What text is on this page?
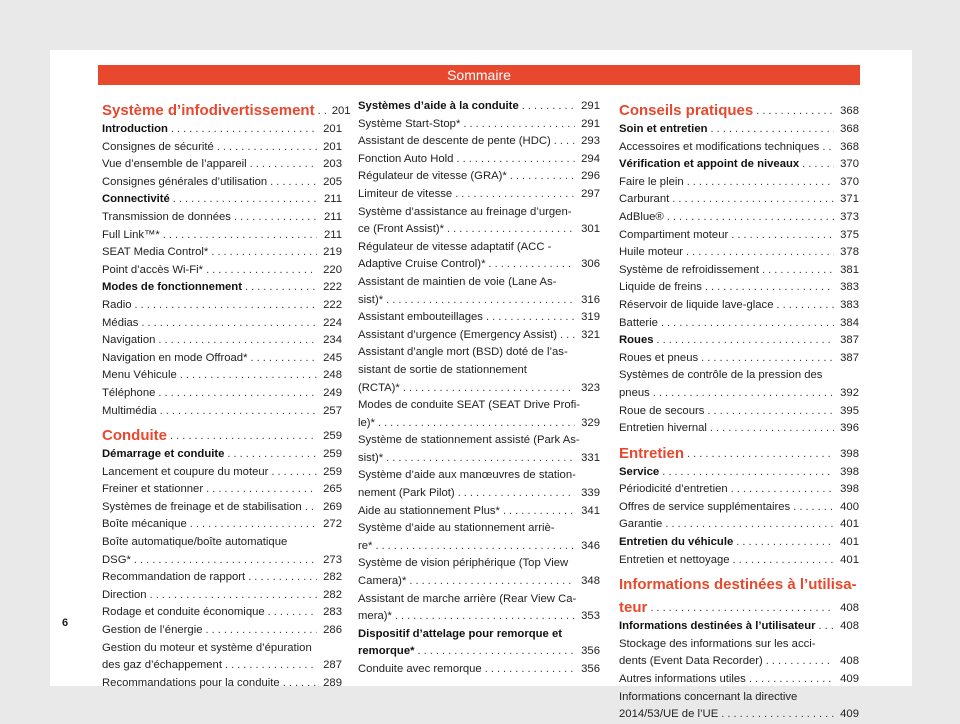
Sommaire
Système d’infodivertissement . . . 201
Introduction . . .	201
Consignes de sécurité . . .	201
Vue d’ensemble de l’appareil . . .	203
Consignes générales d’utilisation . . .	205
Connectivité . . .	211
Transmission de données . . .	211
Full Link™* . . .	211
SEAT Media Control* . . .	219
Point d’accès Wi-Fi* . . .	220
Modes de fonctionnement . . .	222
Radio . . .	222
Médias . . .	224
Navigation . . .	234
Navigation en mode Offroad* . . .	245
Menu Véhicule . . .	248
Téléphone . . .	249
Multimédia . . .	257
Conduite . . .	259
Démarrage et conduite . . .	259
Lancement et coupure du moteur . . .	259
Freiner et stationner . . .	265
Systèmes de freinage et de stabilisation . . . 269
Boîte mécanique . . .	272
Boîte automatique/boîte automatique
DSG* . . .	273
Recommandation de rapport . . .	282
Direction . . .	282
Rodage et conduite économique . . .	283
Gestion de l’énergie . . .	286
Gestion du moteur et système d’épuration
des gaz d’échappement . . .	287
Recommandations pour la conduite . . .	289
Systèmes d’aide à la conduite . . .	291
Système Start-Stop* . . .	291
Assistant de descente de pente (HDC) . . .	293
Fonction Auto Hold . . .	294
Régulateur de vitesse (GRA)* . . .	296
Limiteur de vitesse . . .	297
Système d’assistance au freinage d’urgen-
ce (Front Assist)* . . .	301
Régulateur de vitesse adaptatif (ACC -
Adaptive Cruise Control)* . . .	306
Assistant de maintien de voie (Lane As-
sist)* . . .	316
Assistant embouteillages . . .	319
Assistant d’urgence (Emergency Assist) . . . 321
Assistant d’angle mort (BSD) doté de l’as-
sistant de sortie de stationnement
(RCTA)* . . .	323
Modes de conduite SEAT (SEAT Drive Profi-
le)* . . .	329
Système de stationnement assisté (Park As-
sist)* . . .	331
Système d’aide aux manœuvres de station-
nement (Park Pilot) . . .	339
Aide au stationnement Plus* . . .	341
Système d’aide au stationnement arriè-
re* . . .	346
Système de vision périphérique (Top View
Camera)* . . .	348
Assistant de marche arrière (Rear View Ca-
mera)* . . .	353
Dispositif d’attelage pour remorque et
remorque* . . .	356
Conduite avec remorque . . .	356
Conseils pratiques . . .	368
Soin et entretien . . .	368
Accessoires et modifications techniques . . . 368
Vérification et appoint de niveaux . . .	370
Faire le plein . . .	370
Carburant . . .	371
AdBlue® . . .	373
Compartiment moteur . . .	375
Huile moteur . . .	378
Système de refroidissement . . .	381
Liquide de freins . . .	383
Réservoir de liquide lave-glace . . .	383
Batterie . . .	384
Roues . . .	387
Roues et pneus . . .	387
Systèmes de contrôle de la pression des
pneus . . .	392
Roue de secours . . .	395
Entretien hivernal . . .	396
Entretien . . .	398
Service . . .	398
Périodicité d’entretien . . .	398
Offres de service supplémentaires . . .	400
Garantie . . .	401
Entretien du véhicule . . .	401
Entretien et nettoyage . . .	401
Informations destinées à l’utilisa-
teur . . .	408
Informations destinées à l’utilisateur . . . 408
Stockage des informations sur les acci-
dents (Event Data Recorder) . . .	408
Autres informations utiles . . .	409
Informations concernant la directive
2014/53/UE de l’UE . . .	409
6
